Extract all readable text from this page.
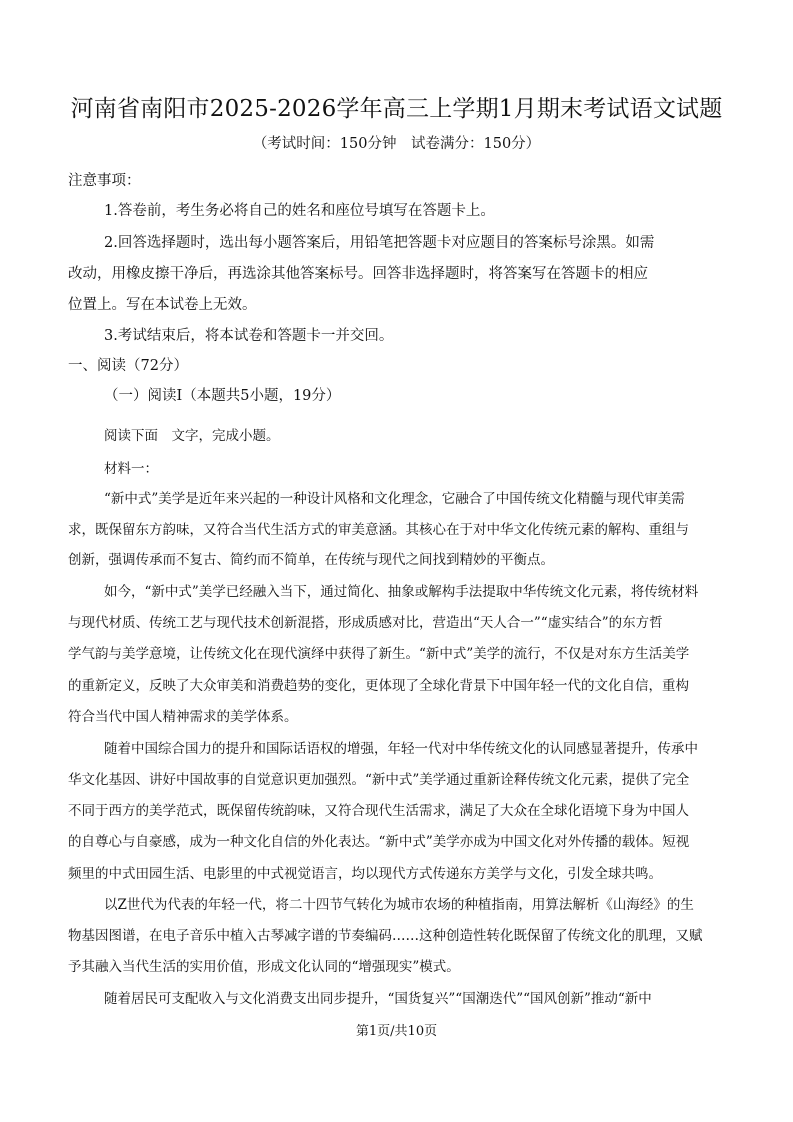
河南省南阳市2025-2026学年高三上学期1月期末考试语文试题
（考试时间：150分钟　试卷满分：150分）
注意事项：
1.答卷前，考生务必将自己的姓名和座位号填写在答题卡上。
2.回答选择题时，选出每小题答案后，用铅笔把答题卡对应题目的答案标号涂黑。如需
改动，用橡皮擦干净后，再选涂其他答案标号。回答非选择题时，将答案写在答题卡的相应
位置上。写在本试卷上无效。
3.考试结束后，将本试卷和答题卡一并交回。
一、阅读（72分）
（一）阅读Ⅰ（本题共5小题，19分）
阅读下面　文字，完成小题。
材料一：
“新中式”美学是近年来兴起的一种设计风格和文化理念，它融合了中国传统文化精髓与现代审美需
求，既保留东方韵味，又符合当代生活方式的审美意涵。其核心在于对中华文化传统元素的解构、重组与
创新，强调传承而不复古、简约而不简单，在传统与现代之间找到精妙的平衡点。
如今，“新中式”美学已经融入当下，通过简化、抽象或解构手法提取中华传统文化元素，将传统材料
与现代材质、传统工艺与现代技术创新混搭，形成质感对比，营造出“天人合一”“虚实结合”的东方哲
学气韵与美学意境，让传统文化在现代演绎中获得了新生。“新中式”美学的流行，不仅是对东方生活美学
的重新定义，反映了大众审美和消费趋势的变化，更体现了全球化背景下中国年轻一代的文化自信，重构
符合当代中国人精神需求的美学体系。
随着中国综合国力的提升和国际话语权的增强，年轻一代对中华传统文化的认同感显著提升，传承中
华文化基因、讲好中国故事的自觉意识更加强烈。“新中式”美学通过重新诠释传统文化元素，提供了完全
不同于西方的美学范式，既保留传统韵味，又符合现代生活需求，满足了大众在全球化语境下身为中国人
的自尊心与自豪感，成为一种文化自信的外化表达。“新中式”美学亦成为中国文化对外传播的载体。短视
频里的中式田园生活、电影里的中式视觉语言，均以现代方式传递东方美学与文化，引发全球共鸣。
以Z世代为代表的年轻一代，将二十四节气转化为城市农场的种植指南，用算法解析《山海经》的生
物基因图谱，在电子音乐中植入古琴减字谱的节奏编码……这种创造性转化既保留了传统文化的肌理，又赋
予其融入当代生活的实用价值，形成文化认同的“增强现实”模式。
随着居民可支配收入与文化消费支出同步提升，“国货复兴”“国潮迭代”“国风创新”推动“新中
第1页/共10页
